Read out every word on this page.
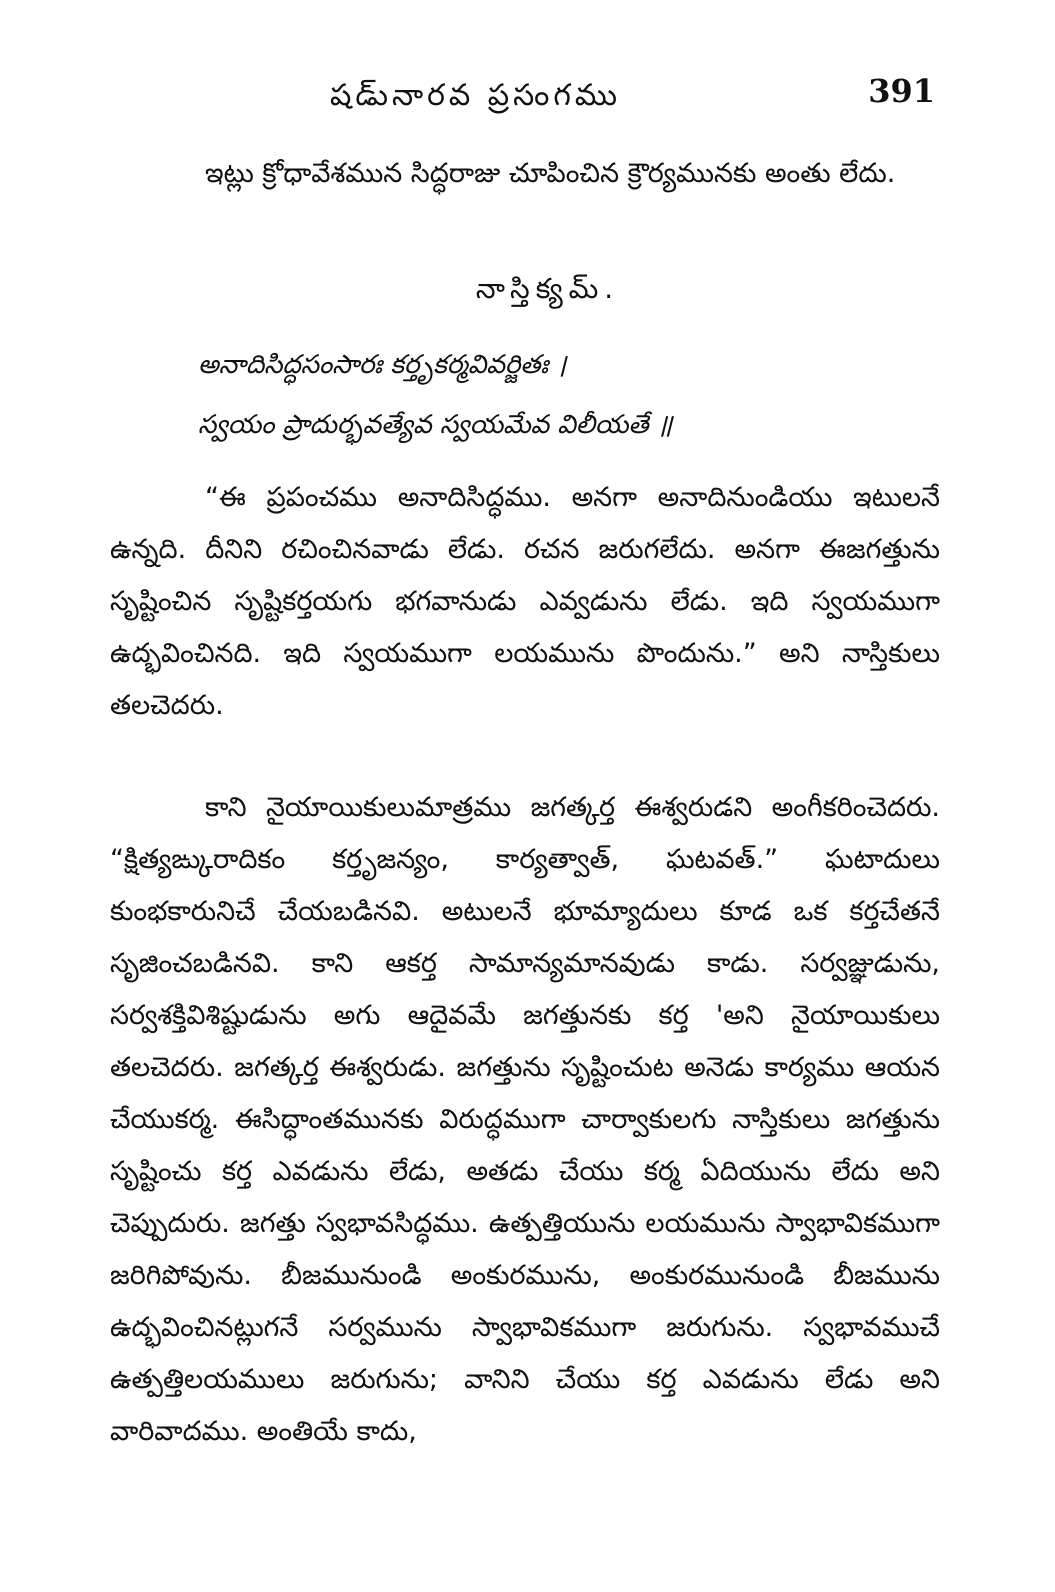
షడు్నారవ ప్రసంగము	391

ఇట్లు క్రోధావేశమున సిద్ధరాజు చూపించిన క్రౌర్యమునకు అంతు లేదు.

నాస్తిక్యమ్.

అనాదిసిద్ధసంసారః కర్తృకర్మవివర్జితః ।

స్వయం ప్రాదుర్భవత్యేవ స్వయమేవ విలీయతే ॥

“ఈ ప్రపంచము అనాదిసిద్ధము. అనగా అనాదినుండియు ఇటులనే ఉన్నది. దీనిని రచించినవాడు లేడు. రచన జరుగలేదు. అనగా ఈజగత్తును సృష్టించిన సృష్టికర్తయగు భగవానుడు ఎవ్వడును లేడు. ఇది స్వయముగా ఉద్భవించినది. ఇది స్వయముగా లయమును పొందును.” అని నాస్తికులు తలచెదరు.

కాని నైయాయికులుమాత్రము జగత్కర్త ఈశ్వరుడని అంగీకరించెదరు. “క్షిత్యఙ్కురాదికం కర్తృజన్యం, కార్యత్వాత్, ఘటవత్.” ఘటాదులు కుంభకారునిచే చేయబడినవి. అటులనే భూమ్యాదులు కూడ ఒక కర్తచేతనే సృజించబడినవి. కాని ఆకర్త సామాన్యమానవుడు కాడు. సర్వజ్ఞుడును, సర్వశక్తివిశిష్టుడును అగు ఆదైవమే జగత్తునకు కర్త 'అని నైయాయికులు తలచెదరు. జగత్కర్త ఈశ్వరుడు. జగత్తును సృష్టించుట అనెడు కార్యము ఆయన చేయుకర్మ. ఈసిద్ధాంతమునకు విరుద్ధముగా చార్వాకులగు నాస్తికులు జగత్తును సృష్టించు కర్త ఎవడును లేడు, అతడు చేయు కర్మ ఏదియును లేదు అని చెప్పుదురు. జగత్తు స్వభావసిద్ధము. ఉత్పత్తియును లయమును స్వాభావికముగా జరిగిపోవును. బీజమునుండి అంకురమును, అంకురమునుండి బీజమును ఉద్భవించినట్లుగనే సర్వమును స్వాభావికముగా జరుగును. స్వభావముచే ఉత్పత్తిలయములు జరుగును; వానిని చేయు కర్త ఎవడును లేడు అని వారివాదము. అంతియే కాదు,
